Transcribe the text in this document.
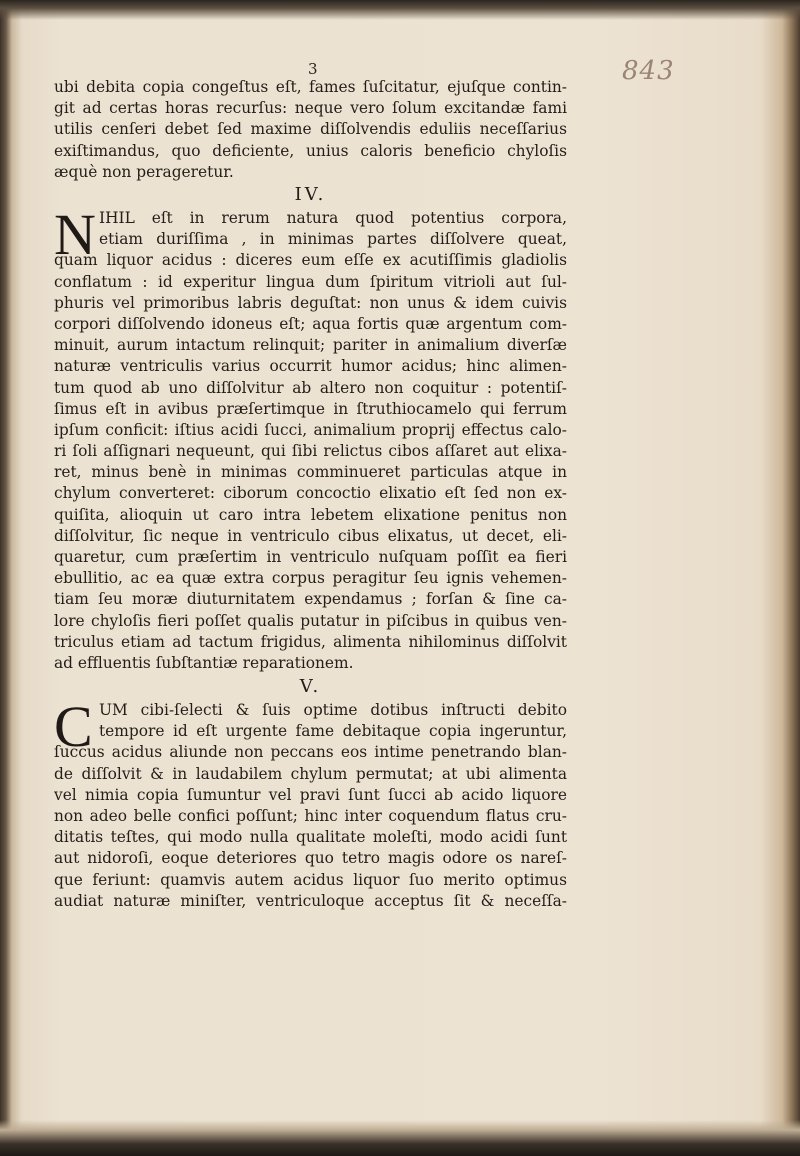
3	843
ubi debita copia congeſtus eſt, fames ſuſcitatur, ejuſque contin-
git ad certas horas recurſus: neque vero ſolum excitandæ fami
utilis cenſeri debet ſed maxime diſſolvendis eduliis neceſſarius
exiſtimandus, quo deficiente, unius caloris beneficio chyloſis
æquè non perageretur.
IV.
N IHIL eſt in rerum natura quod potentius corpora,
etiam duriſſima , in minimas partes diſſolvere queat,
quam liquor acidus : diceres eum eſſe ex acutiſſimis gladiolis
conflatum : id experitur lingua dum ſpiritum vitrioli aut ſul-
phuris vel primoribus labris deguſtat: non unus & idem cuivis
corpori diſſolvendo idoneus eſt; aqua fortis quæ argentum com-
minuit, aurum intactum relinquit; pariter in animalium diverſæ
naturæ ventriculis varius occurrit humor acidus; hinc alimen-
tum quod ab uno diſſolvitur ab altero non coquitur : potentiſ-
ſimus eſt in avibus præſertimque in ſtruthiocamelo qui ferrum
ipſum conficit: iſtius acidi ſucci, animalium proprij effectus calo-
ri ſoli aſſignari nequeunt, qui ſibi relictus cibos aſſaret aut elixa-
ret, minus benè in minimas comminueret particulas atque in
chylum converteret: ciborum concoctio elixatio eſt ſed non ex-
quiſita, alioquin ut caro intra lebetem elixatione penitus non
diſſolvitur, ſic neque in ventriculo cibus elixatus, ut decet, eli-
quaretur, cum præſertim in ventriculo nuſquam poſſit ea fieri
ebullitio, ac ea quæ extra corpus peragitur ſeu ignis vehemen-
tiam ſeu moræ diuturnitatem expendamus ; forſan & ſine ca-
lore chyloſis fieri poſſet qualis putatur in piſcibus in quibus ven-
triculus etiam ad tactum frigidus, alimenta nihilominus diſſolvit
ad effluentis ſubſtantiæ reparationem.
V.
C UM cibi-ſelecti & ſuis optime dotibus inſtructi debito
tempore id eſt urgente fame debitaque copia ingeruntur,
ſuccus acidus aliunde non peccans eos intime penetrando blan-
de diſſolvit & in laudabilem chylum permutat; at ubi alimenta
vel nimia copia ſumuntur vel pravi ſunt ſucci ab acido liquore
non adeo belle confici poſſunt; hinc inter coquendum flatus cru-
ditatis teſtes, qui modo nulla qualitate moleſti, modo acidi ſunt
aut nidoroſi, eoque deteriores quo tetro magis odore os nareſ-
que feriunt: quamvis autem acidus liquor ſuo merito optimus
audiat naturæ miniſter, ventriculoque acceptus ſit & neceſſa-
